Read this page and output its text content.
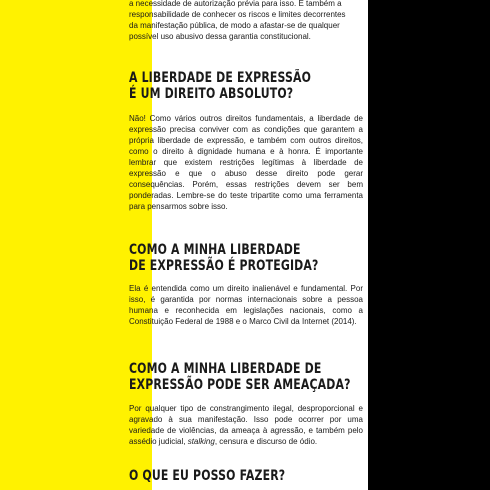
a necessidade de autorização prévia para isso. É também a
responsabilidade de conhecer os riscos e limites decorrentes
da manifestação pública, de modo a afastar-se de qualquer
possível uso abusivo dessa garantia constitucional.
A LIBERDADE DE EXPRESSÃO
É UM DIREITO ABSOLUTO?

Não! Como vários outros direitos fundamentais, a liberdade de expressão precisa conviver com as condições que garantem a própria liberdade de expressão, e também com outros direitos, como o direito à dignidade humana e à honra. É importante lembrar que existem restrições legítimas à liberdade de expressão e que o abuso desse direito pode gerar consequências. Porém, essas restrições devem ser bem ponderadas. Lembre-se do teste tripartite como uma ferramenta para pensarmos sobre isso.

COMO A MINHA LIBERDADE
DE EXPRESSÃO É PROTEGIDA?

Ela é entendida como um direito inalienável e fundamental. Por isso, é garantida por normas internacionais sobre a pessoa humana e reconhecida em legislações nacionais, como a Constituição Federal de 1988 e o Marco Civil da Internet (2014).

COMO A MINHA LIBERDADE DE
EXPRESSÃO PODE SER AMEAÇADA?

Por qualquer tipo de constrangimento ilegal, desproporcional e agravado à sua manifestação. Isso pode ocorrer por uma variedade de violências, da ameaça à agressão, e também pelo assédio judicial, stalking, censura e discurso de ódio.

O QUE EU POSSO FAZER?
